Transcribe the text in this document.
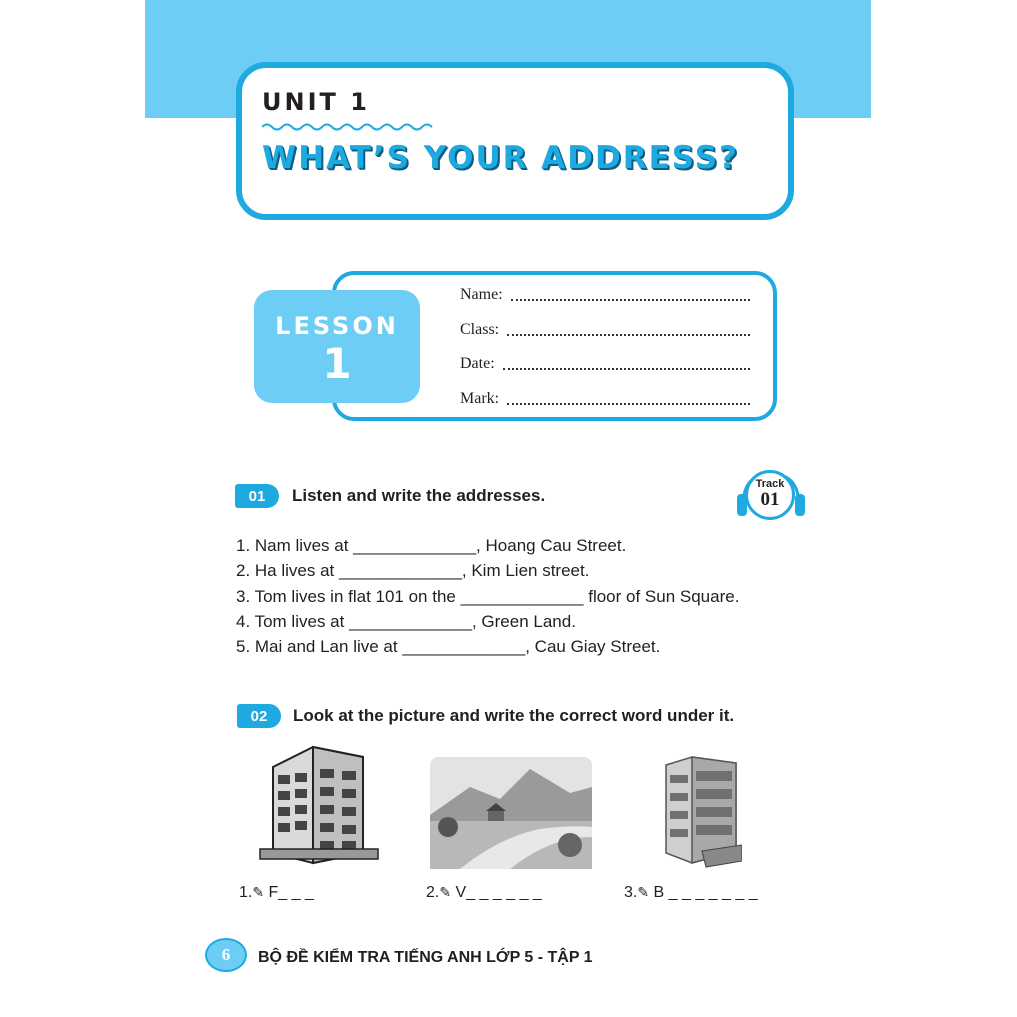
UNIT 1
WHAT’S YOUR ADDRESS?
LESSON
1
Name:
Class:
Date:
Mark:
01	Listen and write the addresses.
Track
01
1. Nam lives at _____________, Hoang Cau Street.
2. Ha lives at _____________, Kim Lien street.
3. Tom lives in flat 101 on the _____________ floor of Sun Square.
4. Tom lives at _____________, Green Land.
5. Mai and Lan live at _____________, Cau Giay Street.
02	Look at the picture and write the correct word under it.
1.✎ F_ _ _	2.✎ V_ _ _ _ _ _	3.✎ B _ _ _ _ _ _ _
6	BỘ ĐỀ KIỂM TRA TIẾNG ANH LỚP 5 - TẬP 1
